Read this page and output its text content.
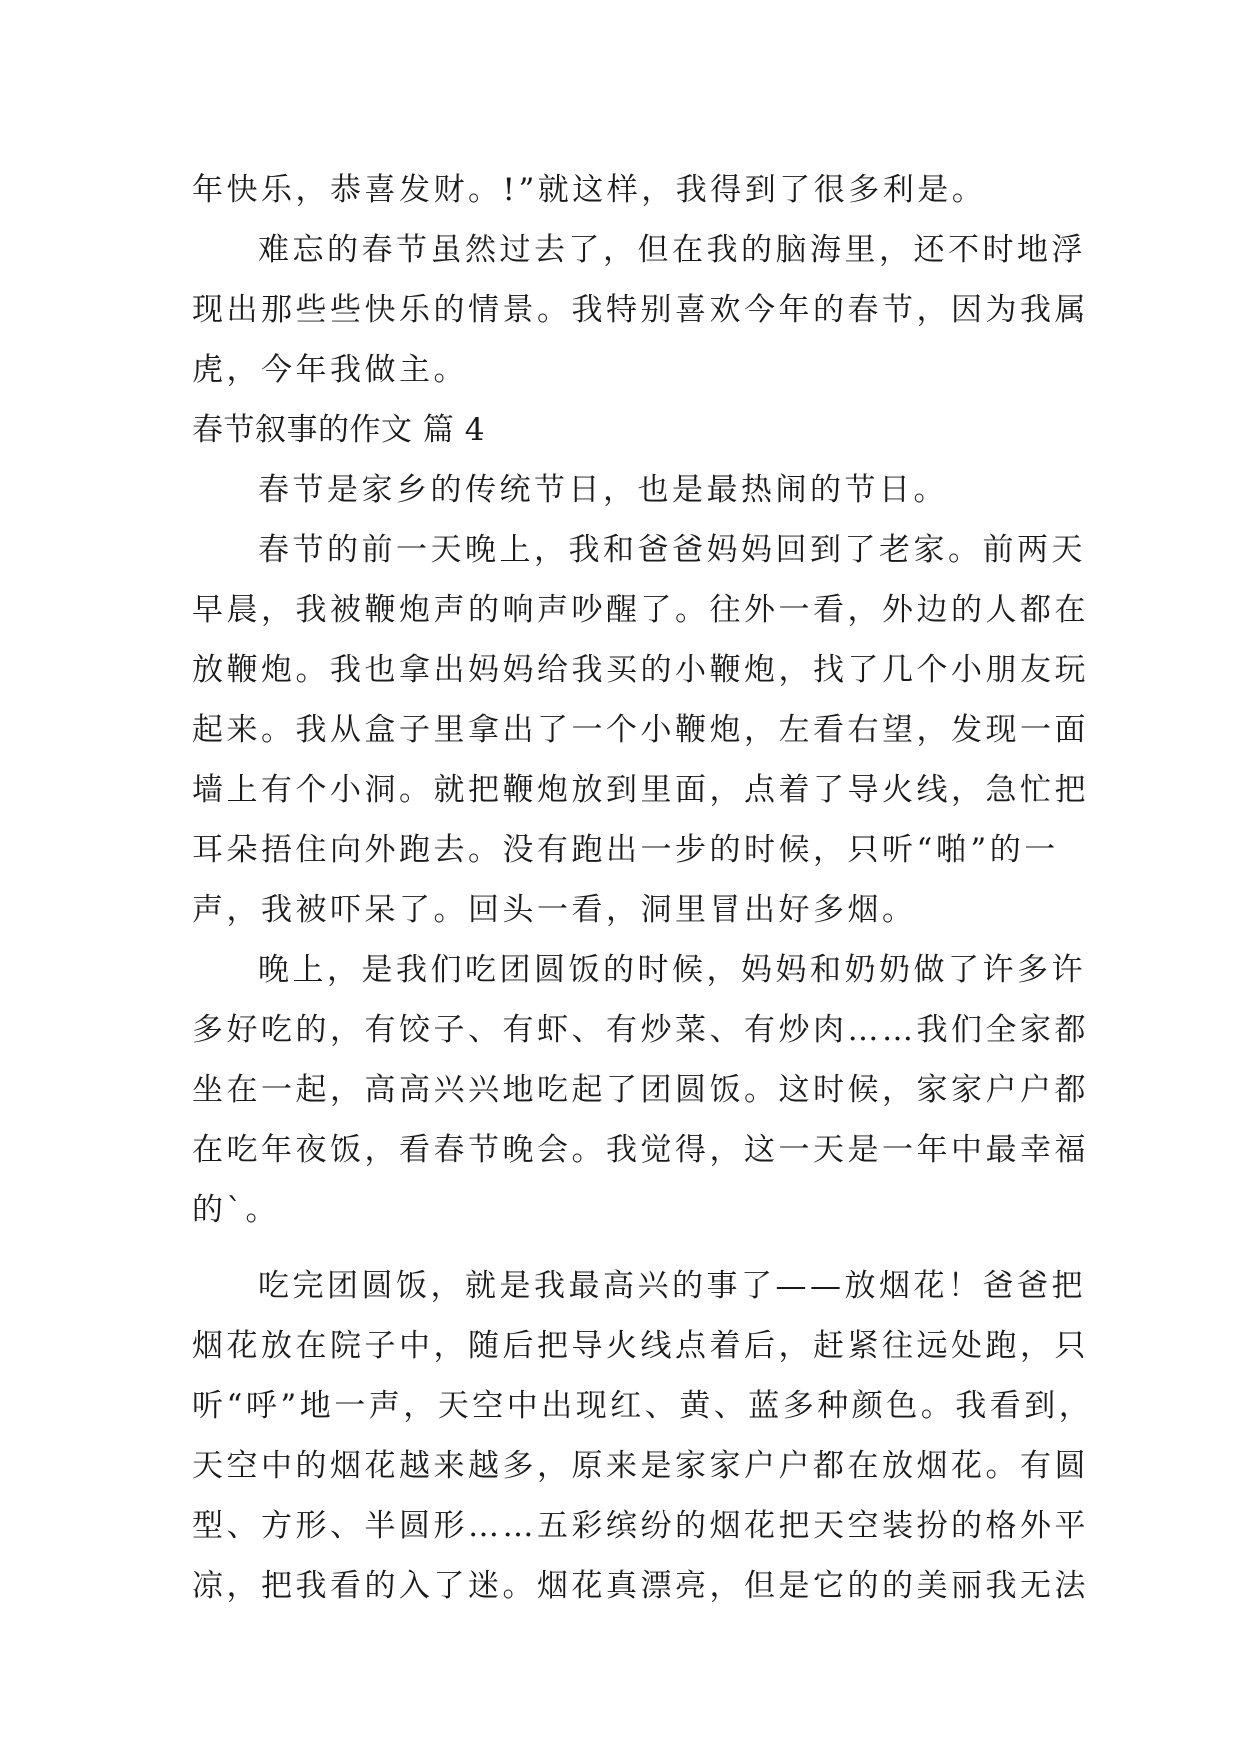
年快乐，恭喜发财。!”就这样，我得到了很多利是。
难忘的春节虽然过去了，但在我的脑海里，还不时地浮
现出那些些快乐的情景。我特别喜欢今年的春节，因为我属
虎，今年我做主。
春节叙事的作文 篇 4
春节是家乡的传统节日，也是最热闹的节日。
春节的前一天晚上，我和爸爸妈妈回到了老家。前两天
早晨，我被鞭炮声的响声吵醒了。往外一看，外边的人都在
放鞭炮。我也拿出妈妈给我买的小鞭炮，找了几个小朋友玩
起来。我从盒子里拿出了一个小鞭炮，左看右望，发现一面
墙上有个小洞。就把鞭炮放到里面，点着了导火线，急忙把
耳朵捂住向外跑去。没有跑出一步的时候，只听“啪”的一
声，我被吓呆了。回头一看，洞里冒出好多烟。
晚上，是我们吃团圆饭的时候，妈妈和奶奶做了许多许
多好吃的，有饺子、有虾、有炒菜、有炒肉……我们全家都
坐在一起，高高兴兴地吃起了团圆饭。这时候，家家户户都
在吃年夜饭，看春节晚会。我觉得，这一天是一年中最幸福
的`。
吃完团圆饭，就是我最高兴的事了——放烟花！爸爸把
烟花放在院子中，随后把导火线点着后，赶紧往远处跑，只
听“呼”地一声，天空中出现红、黄、蓝多种颜色。我看到，
天空中的烟花越来越多，原来是家家户户都在放烟花。有圆
型、方形、半圆形……五彩缤纷的烟花把天空装扮的格外平
凉，把我看的入了迷。烟花真漂亮，但是它的的美丽我无法
